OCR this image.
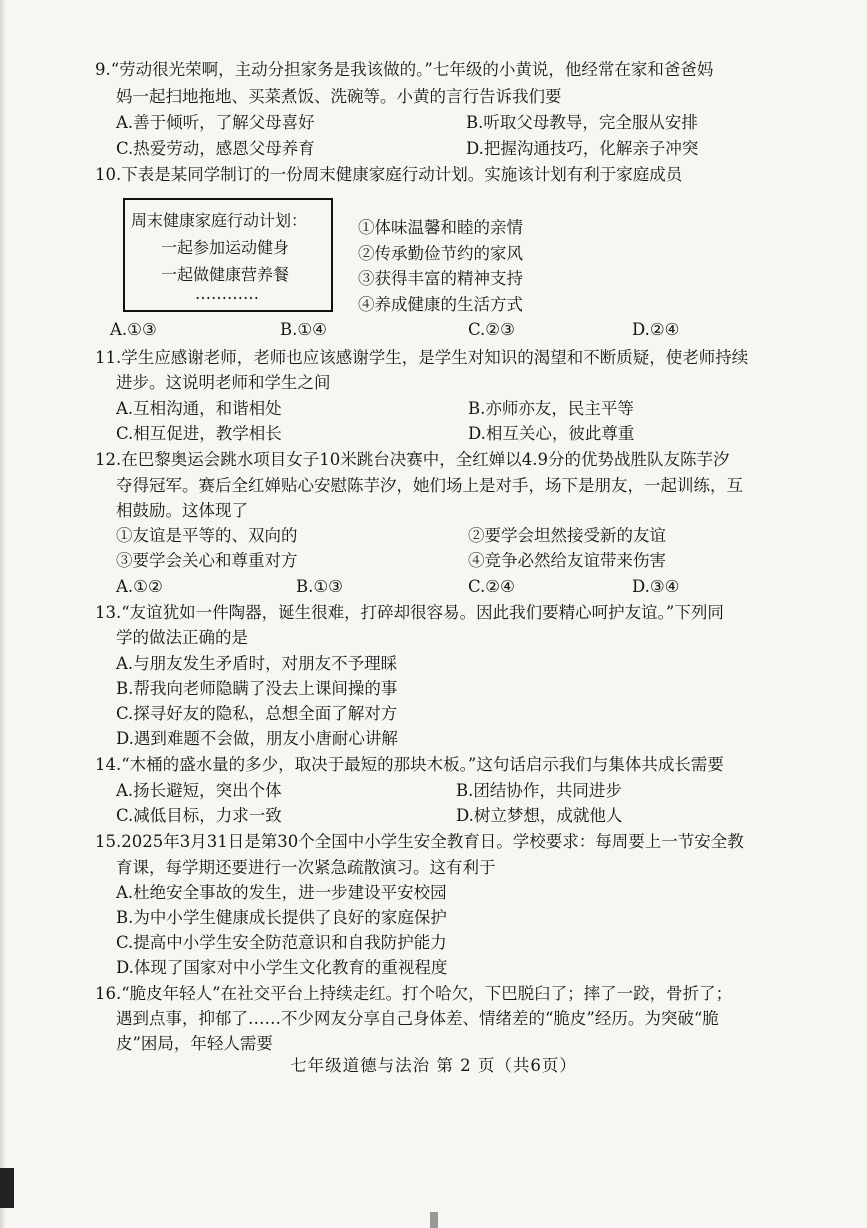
9.“劳动很光荣啊，主动分担家务是我该做的。”七年级的小黄说，他经常在家和爸爸妈
妈一起扫地拖地、买菜煮饭、洗碗等。小黄的言行告诉我们要
A.善于倾听，了解父母喜好	B.听取父母教导，完全服从安排
C.热爱劳动，感恩父母养育	D.把握沟通技巧，化解亲子冲突
10.下表是某同学制订的一份周末健康家庭行动计划。实施该计划有利于家庭成员
周末健康家庭行动计划：
一起参加运动健身
一起做健康营养餐
…………
①体味温馨和睦的亲情
②传承勤俭节约的家风
③获得丰富的精神支持
④养成健康的生活方式
A.①③	B.①④	C.②③	D.②④
11.学生应感谢老师，老师也应该感谢学生，是学生对知识的渴望和不断质疑，使老师持续
进步。这说明老师和学生之间
A.互相沟通，和谐相处	B.亦师亦友，民主平等
C.相互促进，教学相长	D.相互关心，彼此尊重
12.在巴黎奥运会跳水项目女子10米跳台决赛中，全红婵以4.9分的优势战胜队友陈芋汐
夺得冠军。赛后全红婵贴心安慰陈芋汐，她们场上是对手，场下是朋友，一起训练，互
相鼓励。这体现了
①友谊是平等的、双向的	②要学会坦然接受新的友谊
③要学会关心和尊重对方	④竞争必然给友谊带来伤害
A.①②	B.①③	C.②④	D.③④
13.“友谊犹如一件陶器，诞生很难，打碎却很容易。因此我们要精心呵护友谊。”下列同
学的做法正确的是
A.与朋友发生矛盾时，对朋友不予理睬
B.帮我向老师隐瞒了没去上课间操的事
C.探寻好友的隐私，总想全面了解对方
D.遇到难题不会做，朋友小唐耐心讲解
14.“木桶的盛水量的多少，取决于最短的那块木板。”这句话启示我们与集体共成长需要
A.扬长避短，突出个体	B.团结协作，共同进步
C.减低目标，力求一致	D.树立梦想，成就他人
15.2025年3月31日是第30个全国中小学生安全教育日。学校要求：每周要上一节安全教
育课，每学期还要进行一次紧急疏散演习。这有利于
A.杜绝安全事故的发生，进一步建设平安校园
B.为中小学生健康成长提供了良好的家庭保护
C.提高中小学生安全防范意识和自我防护能力
D.体现了国家对中小学生文化教育的重视程度
16.“脆皮年轻人”在社交平台上持续走红。打个哈欠，下巴脱臼了；摔了一跤，骨折了；
遇到点事，抑郁了……不少网友分享自己身体差、情绪差的“脆皮”经历。为突破“脆
皮”困局，年轻人需要
七年级道德与法治 第 2 页（共6页）
